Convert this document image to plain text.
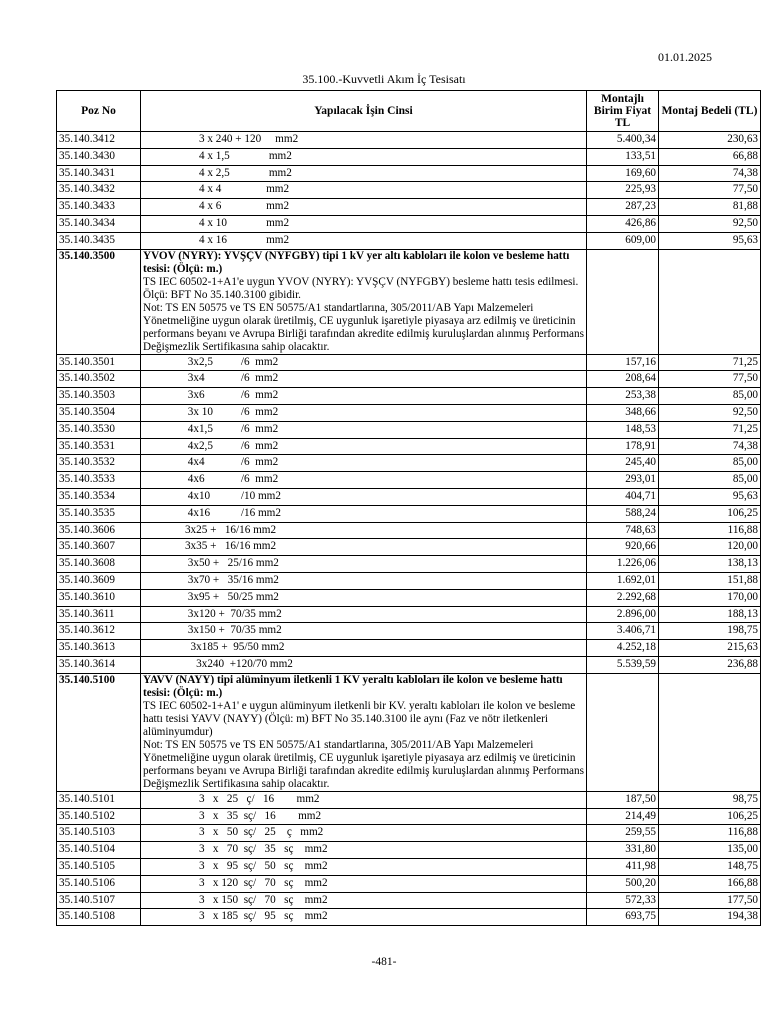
01.01.2025
35.100.-Kuvvetli Akım İç Tesisatı
Poz No	Yapılacak İşin Cinsi	Montajlı Birim Fiyat TL	Montaj Bedeli (TL)
35.140.3412	3 x 240 + 120     mm2	5.400,34	230,63
35.140.3430	4 x 1,5              mm2	133,51	66,88
35.140.3431	4 x 2,5              mm2	169,60	74,38
35.140.3432	4 x 4                mm2	225,93	77,50
35.140.3433	4 x 6                mm2	287,23	81,88
35.140.3434	4 x 10              mm2	426,86	92,50
35.140.3435	4 x 16              mm2	609,00	95,63
35.140.3500	YVOV (NYRY): YVŞÇV (NYFGBY) tipi 1 kV yer altı kabloları ile kolon ve besleme hattı tesisi: (Ölçü: m.)
TS IEC 60502-1+A1'e uygun YVOV (NYRY): YVŞÇV (NYFGBY) besleme hattı tesis edilmesi.
Ölçü: BFT No 35.140.3100 gibidir.
Not: TS EN 50575 ve TS EN 50575/A1 standartlarına, 305/2011/AB Yapı Malzemeleri Yönetmeliğine uygun olarak üretilmiş, CE uygunluk işaretiyle piyasaya arz edilmiş ve üreticinin performans beyanı ve Avrupa Birliği tarafından akredite edilmiş kuruluşlardan alınmış Performans Değişmezlik Sertifikasına sahip olacaktır.		

35.140.3501	3x2,5          /6  mm2	157,16	71,25
35.140.3502	3x4             /6  mm2	208,64	77,50
35.140.3503	3x6             /6  mm2	253,38	85,00
35.140.3504	3x 10          /6  mm2	348,66	92,50
35.140.3530	4x1,5          /6  mm2	148,53	71,25
35.140.3531	4x2,5          /6  mm2	178,91	74,38
35.140.3532	4x4             /6  mm2	245,40	85,00
35.140.3533	4x6             /6  mm2	293,01	85,00
35.140.3534	4x10           /10 mm2	404,71	95,63
35.140.3535	4x16           /16 mm2	588,24	106,25
35.140.3606	3x25 +   16/16 mm2	748,63	116,88
35.140.3607	3x35 +   16/16 mm2	920,66	120,00
35.140.3608	3x50 +   25/16 mm2	1.226,06	138,13
35.140.3609	3x70 +   35/16 mm2	1.692,01	151,88
35.140.3610	3x95 +   50/25 mm2	2.292,68	170,00
35.140.3611	3x120 +  70/35 mm2	2.896,00	188,13
35.140.3612	3x150 +  70/35 mm2	3.406,71	198,75
35.140.3613	3x185 +  95/50 mm2	4.252,18	215,63
35.140.3614	3x240  +120/70 mm2	5.539,59	236,88
35.140.5100	YAVV (NAYY) tipi alüminyum iletkenli 1 KV yeraltı kabloları ile kolon ve besleme hattı tesisi: (Ölçü: m.)
TS IEC 60502-1+A1' e uygun alüminyum iletkenli bir KV. yeraltı kabloları ile kolon ve besleme hattı tesisi YAVV (NAYY) (Ölçü: m) BFT No 35.140.3100 ile aynı (Faz ve nötr iletkenleri alüminyumdur)
Not: TS EN 50575 ve TS EN 50575/A1 standartlarına, 305/2011/AB Yapı Malzemeleri Yönetmeliğine uygun olarak üretilmiş, CE uygunluk işaretiyle piyasaya arz edilmiş ve üreticinin performans beyanı ve Avrupa Birliği tarafından akredite edilmiş kuruluşlardan alınmış Performans Değişmezlik Sertifikasına sahip olacaktır.		

35.140.5101	3   x   25   ç/   16        mm2	187,50	98,75
35.140.5102	3   x   35  sç/   16        mm2	214,49	106,25
35.140.5103	3   x   50  sç/   25    ç   mm2	259,55	116,88
35.140.5104	3   x   70  sç/   35   sç    mm2	331,80	135,00
35.140.5105	3   x   95  sç/   50   sç    mm2	411,98	148,75
35.140.5106	3   x 120  sç/   70   sç    mm2	500,20	166,88
35.140.5107	3   x 150  sç/   70   sç    mm2	572,33	177,50
35.140.5108	3   x 185  sç/   95   sç    mm2	693,75	194,38
-481-
